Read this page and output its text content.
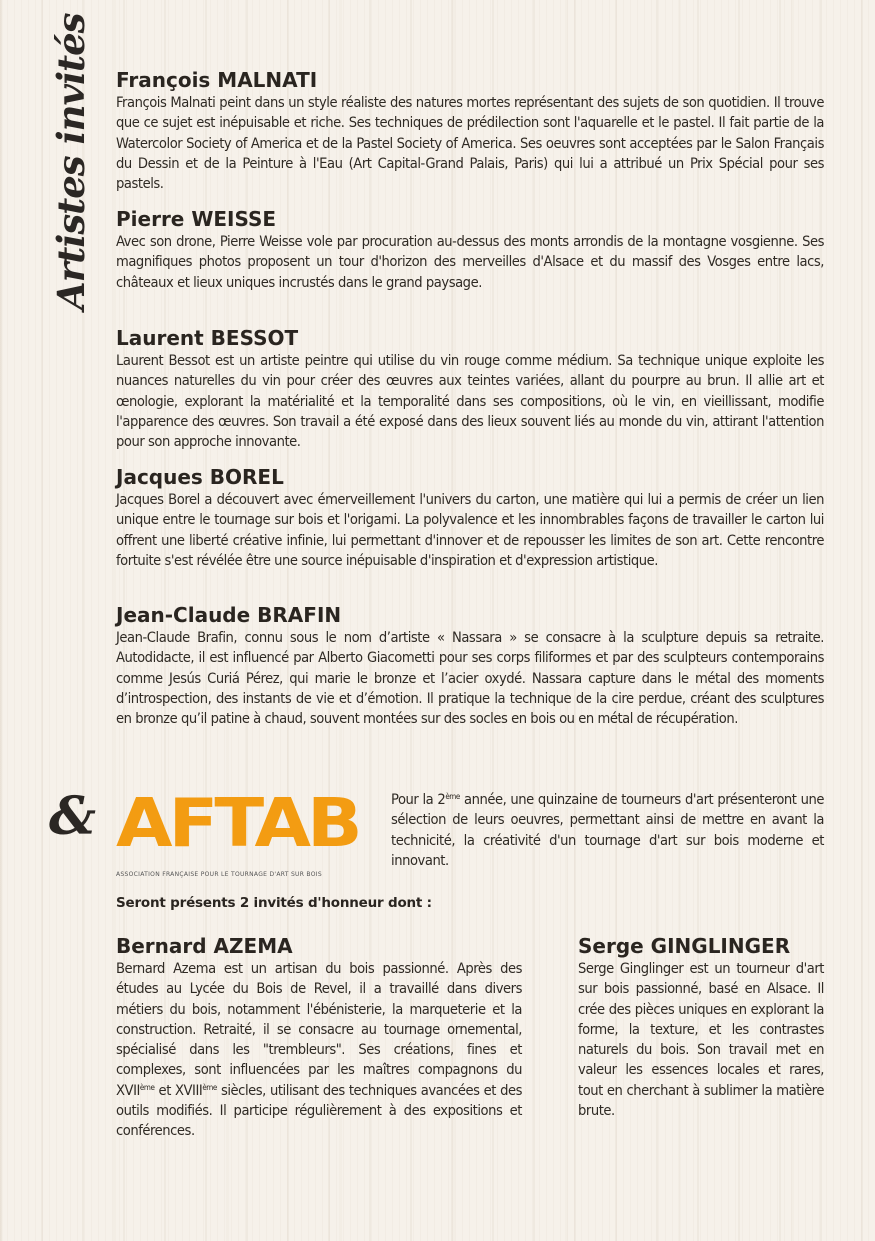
Artistes invités François MALNATI

François Malnati peint dans un style réaliste des natures mortes représentant des sujets de son quotidien. Il trouve que ce sujet est inépuisable et riche. Ses techniques de prédilection sont l'aquarelle et le pastel. Il fait partie de la Watercolor Society of America et de la Pastel Society of America. Ses oeuvres sont acceptées par le Salon Français du Dessin et de la Peinture à l'Eau (Art Capital-Grand Palais, Paris) qui lui a attribué un Prix Spécial pour ses pastels.

Pierre WEISSE

Avec son drone, Pierre Weisse vole par procuration au-dessus des monts arrondis de la montagne vosgienne. Ses magnifiques photos proposent un tour d'horizon des merveilles d'Alsace et du massif des Vosges entre lacs, châteaux et lieux uniques incrustés dans le grand paysage.

Laurent BESSOT

Laurent Bessot est un artiste peintre qui utilise du vin rouge comme médium. Sa technique unique exploite les nuances naturelles du vin pour créer des œuvres aux teintes variées, allant du pourpre au brun. Il allie art et œnologie, explorant la matérialité et la temporalité dans ses compositions, où le vin, en vieillissant, modifie l'apparence des œuvres. Son travail a été exposé dans des lieux souvent liés au monde du vin, attirant l'attention pour son approche innovante.

Jacques BOREL

Jacques Borel a découvert avec émerveillement l'univers du carton, une matière qui lui a permis de créer un lien unique entre le tournage sur bois et l'origami. La polyvalence et les innombrables façons de travailler le carton lui offrent une liberté créative infinie, lui permettant d'innover et de repousser les limites de son art. Cette rencontre fortuite s'est révélée être une source inépuisable d'inspiration et d'expression artistique.

Jean-Claude BRAFIN

Jean-Claude Brafin, connu sous le nom d’artiste « Nassara » se consacre à la sculpture depuis sa retraite. Autodidacte, il est influencé par Alberto Giacometti pour ses corps filiformes et par des sculpteurs contemporains comme Jesús Curiá Pérez, qui marie le bronze et l’acier oxydé. Nassara capture dans le métal des moments d’introspection, des instants de vie et d’émotion. Il pratique la technique de la cire perdue, créant des sculptures en bronze qu’il patine à chaud, souvent montées sur des socles en bois ou en métal de récupération.

& AFTAB
ASSOCIATION FRANÇAISE POUR LE TOURNAGE D'ART SUR BOIS

Pour la 2ème année, une quinzaine de tourneurs d'art présenteront une sélection de leurs oeuvres, permettant ainsi de mettre en avant la technicité, la créativité d'un tournage d'art sur bois moderne et innovant.

Seront présents 2 invités d'honneur dont :
Bernard AZEMA

Bernard Azema est un artisan du bois passionné. Après des études au Lycée du Bois de Revel, il a travaillé dans divers métiers du bois, notamment l'ébénisterie, la marqueterie et la construction. Retraité, il se consacre au tournage ornemental, spécialisé dans les "trembleurs". Ses créations, fines et complexes, sont influencées par les maîtres compagnons du XVIIème et XVIIIème siècles, utilisant des techniques avancées et des outils modifiés. Il participe régulièrement à des expositions et conférences.

Serge GINGLINGER

Serge Ginglinger est un tourneur d'art sur bois passionné, basé en Alsace. Il crée des pièces uniques en explorant la forme, la texture, et les contrastes naturels du bois. Son travail met en valeur les essences locales et rares, tout en cherchant à sublimer la matière brute.
